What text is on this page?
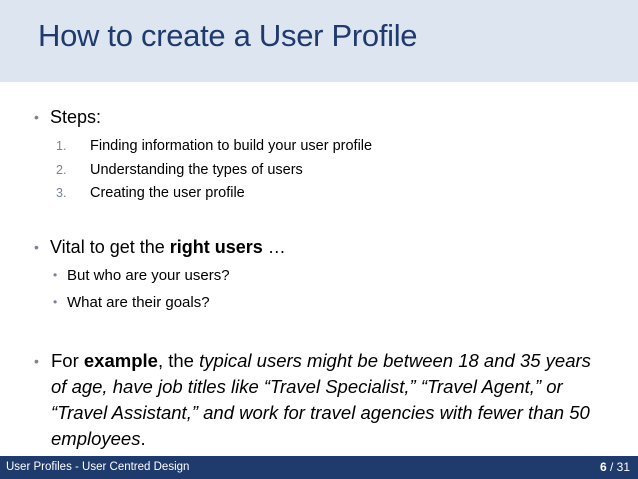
How to create a User Profile
• Steps:
1. Finding information to build your user profile
2. Understanding the types of users
3. Creating the user profile
• Vital to get the right users …
• But who are your users?
• What are their goals?
• For example, the typical users might be between 18 and 35 years of age, have job titles like “Travel Specialist,” “Travel Agent,” or “Travel Assistant,” and work for travel agencies with fewer than 50 employees.
User Profiles - User Centred Design	6 / 31
